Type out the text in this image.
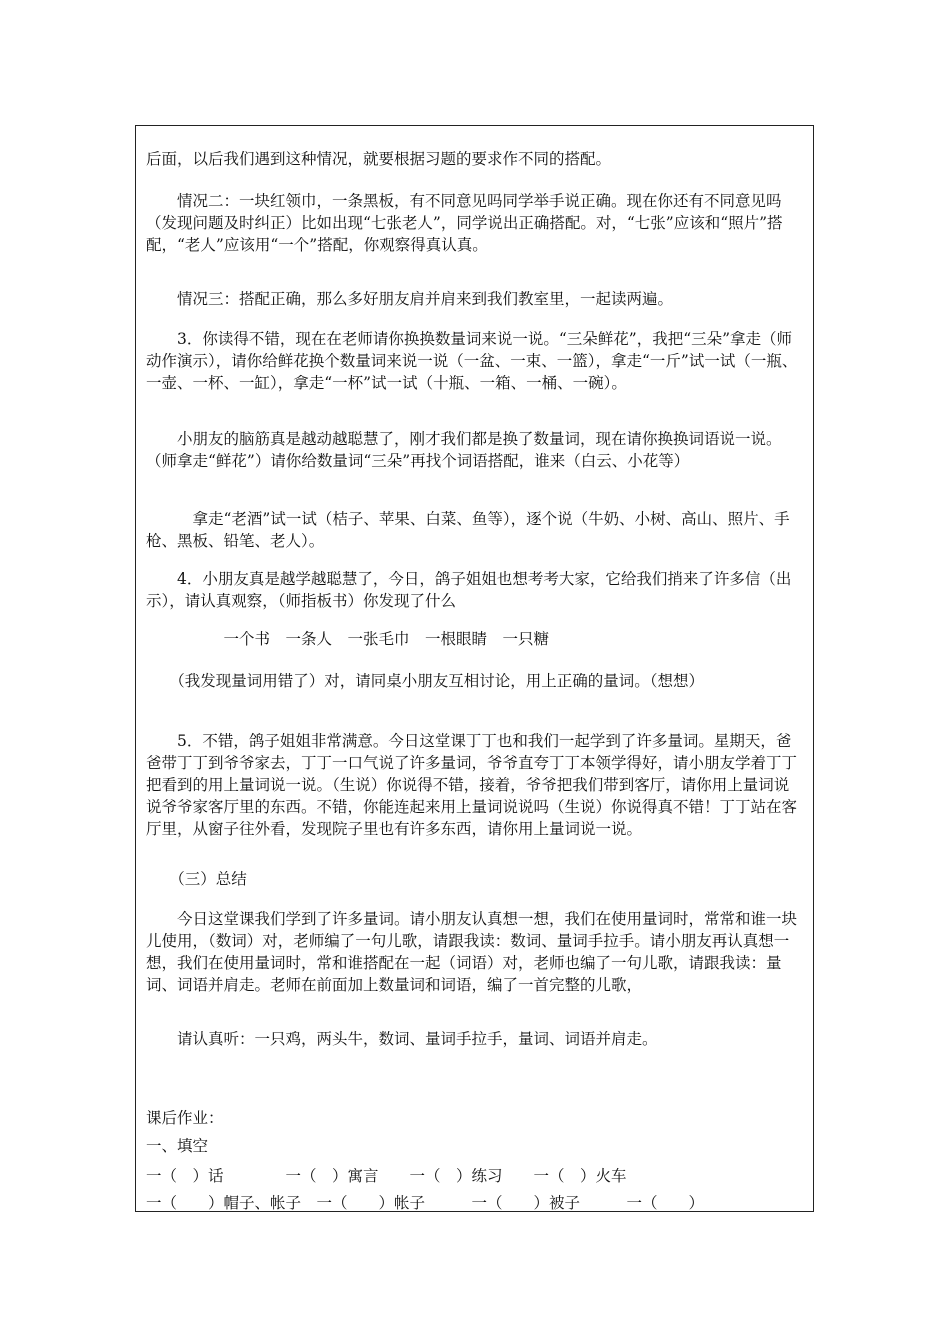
后面，以后我们遇到这种情况，就要根据习题的要求作不同的搭配。

　　情况二：一块红领巾，一条黑板，有不同意见吗同学举手说正确。现在你还有不同意见吗（发现问题及时纠正）比如出现“七张老人”，同学说出正确搭配。对，“七张”应该和“照片”搭配，“老人”应该用“一个”搭配，你观察得真认真。

　　情况三：搭配正确，那么多好朋友肩并肩来到我们教室里，一起读两遍。

　　3．你读得不错，现在在老师请你换换数量词来说一说。“三朵鲜花”，我把“三朵”拿走（师动作演示），请你给鲜花换个数量词来说一说（一盆、一束、一篮），拿走“一斤”试一试（一瓶、一壶、一杯、一缸），拿走“一杯”试一试（十瓶、一箱、一桶、一碗）。

　　小朋友的脑筋真是越动越聪慧了，刚才我们都是换了数量词，现在请你换换词语说一说。（师拿走“鲜花”）请你给数量词“三朵”再找个词语搭配，谁来（白云、小花等）

　　　拿走“老酒”试一试（桔子、苹果、白菜、鱼等），逐个说（牛奶、小树、高山、照片、手枪、黑板、铅笔、老人）。

　　4．小朋友真是越学越聪慧了，今日，鸽子姐姐也想考考大家，它给我们捎来了许多信（出示），请认真观察，（师指板书）你发现了什么

　　　　　一个书　一条人　一张毛巾　一根眼睛　一只糖

　　（我发现量词用错了）对，请同桌小朋友互相讨论，用上正确的量词。（想想）

　　5．不错，鸽子姐姐非常满意。今日这堂课丁丁也和我们一起学到了许多量词。星期天，爸爸带丁丁到爷爷家去，丁丁一口气说了许多量词，爷爷直夸丁丁本领学得好，请小朋友学着丁丁把看到的用上量词说一说。（生说）你说得不错，接着，爷爷把我们带到客厅，请你用上量词说说爷爷家客厅里的东西。不错，你能连起来用上量词说说吗（生说）你说得真不错！丁丁站在客厅里，从窗子往外看，发现院子里也有许多东西，请你用上量词说一说。

　　（三）总结

　　今日这堂课我们学到了许多量词。请小朋友认真想一想，我们在使用量词时，常常和谁一块儿使用，（数词）对，老师编了一句儿歌，请跟我读：数词、量词手拉手。请小朋友再认真想一想，我们在使用量词时，常和谁搭配在一起（词语）对，老师也编了一句儿歌，请跟我读：量词、词语并肩走。老师在前面加上数量词和词语，编了一首完整的儿歌，

　　请认真听：一只鸡，两头牛，数词、量词手拉手，量词、词语并肩走。

课后作业：

一、填空

一（　）话　　　　一（　）寓言　　一（　）练习　　一（　）火车

一（　　）帽子、帐子　一（　　）帐子　　　一（　　）被子　　　一（　　）
